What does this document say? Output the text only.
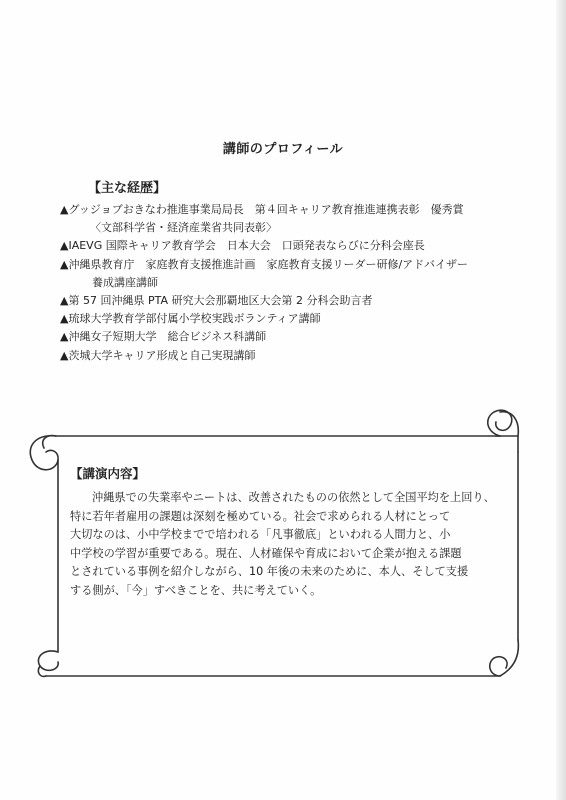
講師のプロフィール
【主な経歴】
▲グッジョブおきなわ推進事業局局長　第４回キャリア教育推進連携表彰　優秀賞
〈文部科学省・経済産業省共同表彰〉
▲IAEVG 国際キャリア教育学会　日本大会　口頭発表ならびに分科会座長
▲沖縄県教育庁　家庭教育支援推進計画　家庭教育支援リーダー研修/アドバイザー
養成講座講師
▲第 57 回沖縄県 PTA 研究大会那覇地区大会第 2 分科会助言者
▲琉球大学教育学部付属小学校実践ボランティア講師
▲沖縄女子短期大学　総合ビジネス科講師
▲茨城大学キャリア形成と自己実現講師
【講演内容】

沖縄県での失業率やニートは、改善されたものの依然として全国平均を上回り、

特に若年者雇用の課題は深刻を極めている。社会で求められる人材にとって

大切なのは、小中学校までで培われる「凡事徹底」といわれる人間力と、小

中学校の学習が重要である。現在、人材確保や育成において企業が抱える課題

とされている事例を紹介しながら、10 年後の未来のために、本人、そして支援

する側が、「今」すべきことを、共に考えていく。
